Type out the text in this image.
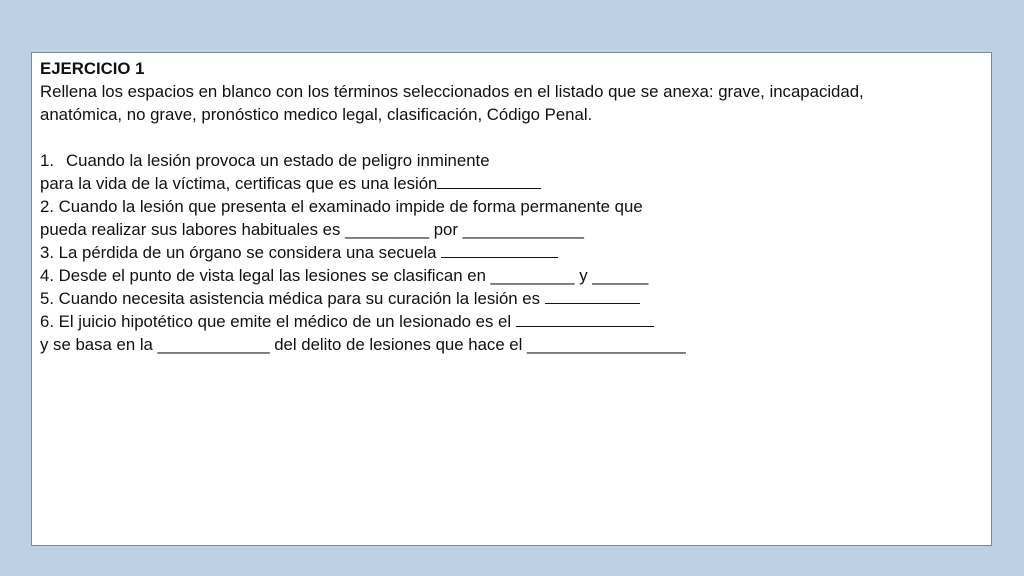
EJERCICIO 1
Rellena los espacios en blanco con los términos seleccionados en el listado que se anexa: grave, incapacidad,
anatómica, no grave, pronóstico medico legal, clasificación, Código Penal.
1. Cuando la lesión provoca un estado de peligro inminente
para la vida de la víctima, certificas que es una lesión
2. Cuando la lesión que presenta el examinado impide de forma permanente que
pueda realizar sus labores habituales es _________ por _____________
3. La pérdida de un órgano se considera una secuela
4. Desde el punto de vista legal las lesiones se clasifican en _________ y ______
5. Cuando necesita asistencia médica para su curación la lesión es
6. El juicio hipotético que emite el médico de un lesionado es el
y se basa en la ____________ del delito de lesiones que hace el _________________
